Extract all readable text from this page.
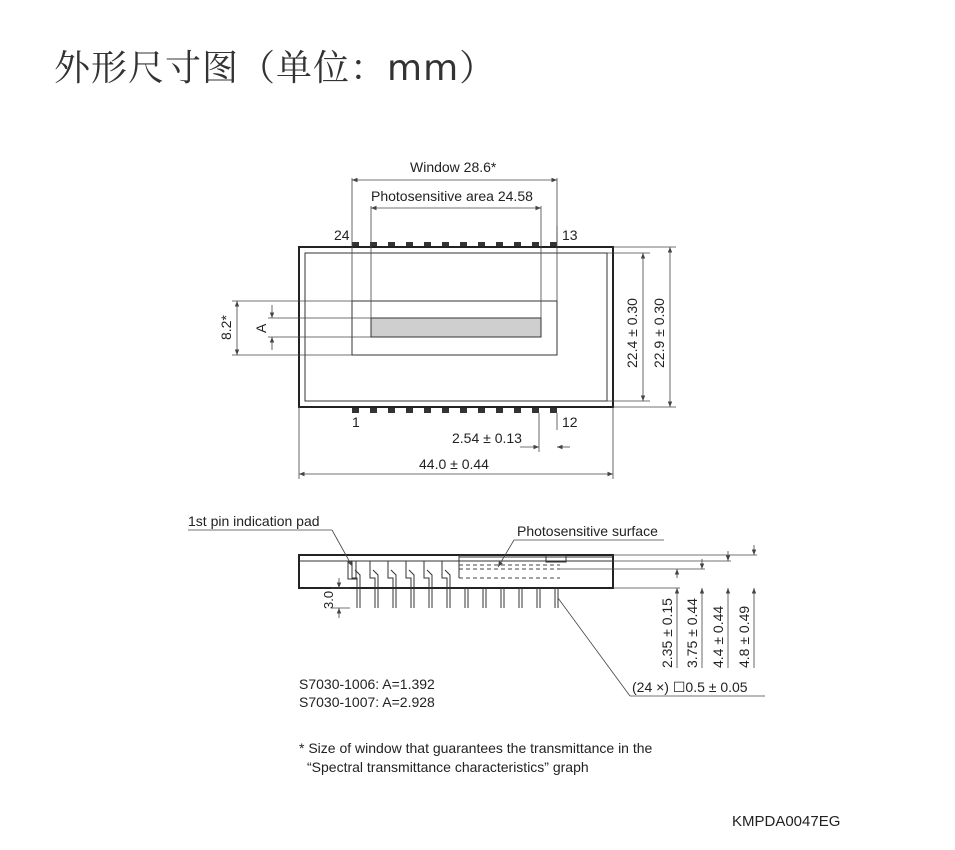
外形尺寸图（单位：mm）
Window 28.6*
Photosensitive area 24.58
24	13
1	12
8.2* A	22.4 ± 0.30 22.9 ± 0.30
2.54 ± 0.13
44.0 ± 0.44
1st pin indication pad
Photosensitive surface
3.0	2.35 ± 0.15 3.75 ± 0.44 4.4 ± 0.44 4.8 ± 0.49
(24 ×) ☐0.5 ± 0.05
S7030-1006: A=1.392
S7030-1007: A=2.928
* Size of window that guarantees the transmittance in the
“Spectral transmittance characteristics” graph
KMPDA0047EG
